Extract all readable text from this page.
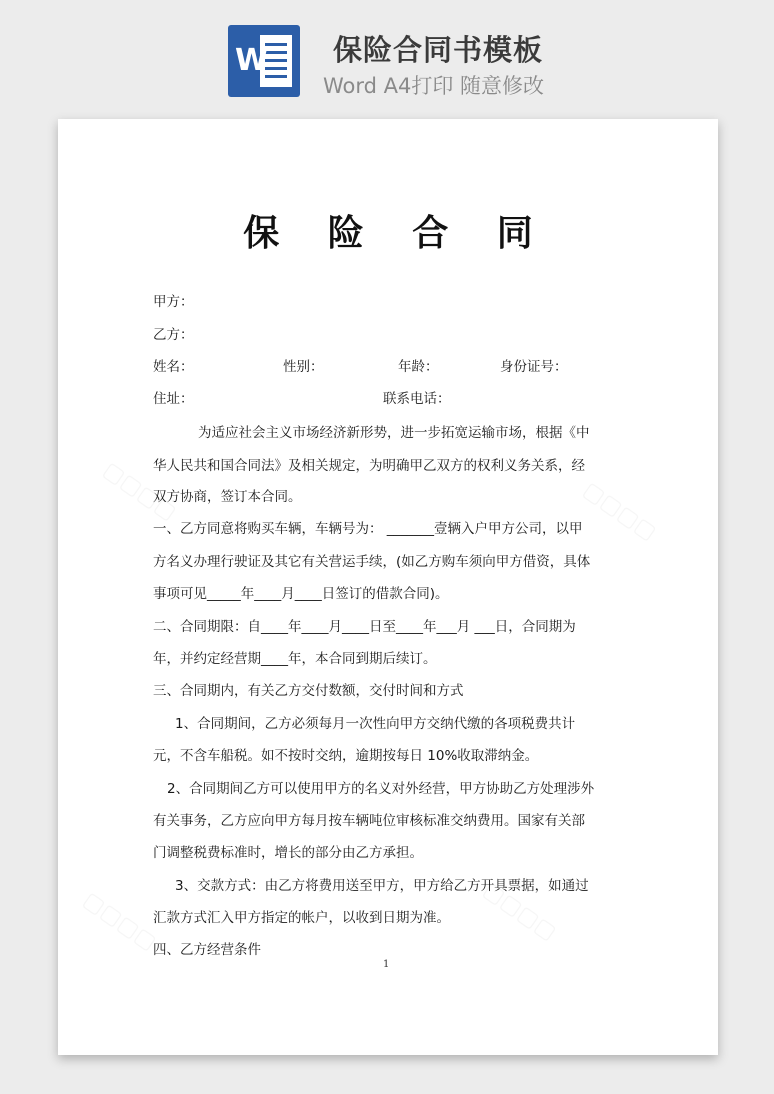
W 保险合同书模板
Word A4打印 随意修改
▢▢▢▢	▢▢▢▢
▢▢▢▢	▢▢▢▢
保 险 合 同
甲方：
乙方：
姓名：	性别：	年龄：	身份证号：
住址：	联系电话：
为适应社会主义市场经济新形势，进一步拓宽运输市场，根据《中
华人民共和国合同法》及相关规定，为明确甲乙双方的权利义务关系，经
双方协商，签订本合同。
一、乙方同意将购买车辆，车辆号为： _______壹辆入户甲方公司，以甲
方名义办理行驶证及其它有关营运手续，(如乙方购车须向甲方借资，具体
事项可见_____年____月____日签订的借款合同)。
二、合同期限：自____年____月____日至____年___月 ___日，合同期为
年，并约定经营期____年，本合同到期后续订。
三、合同期内，有关乙方交付数额，交付时间和方式
1、合同期间，乙方必须每月一次性向甲方交纳代缴的各项税费共计
元，不含车船税。如不按时交纳，逾期按每日 10%收取滞纳金。
2、合同期间乙方可以使用甲方的名义对外经营，甲方协助乙方处理涉外
有关事务，乙方应向甲方每月按车辆吨位审核标准交纳费用。国家有关部
门调整税费标准时，增长的部分由乙方承担。
3、交款方式：由乙方将费用送至甲方，甲方给乙方开具票据，如通过
汇款方式汇入甲方指定的帐户，以收到日期为准。
四、乙方经营条件
1
